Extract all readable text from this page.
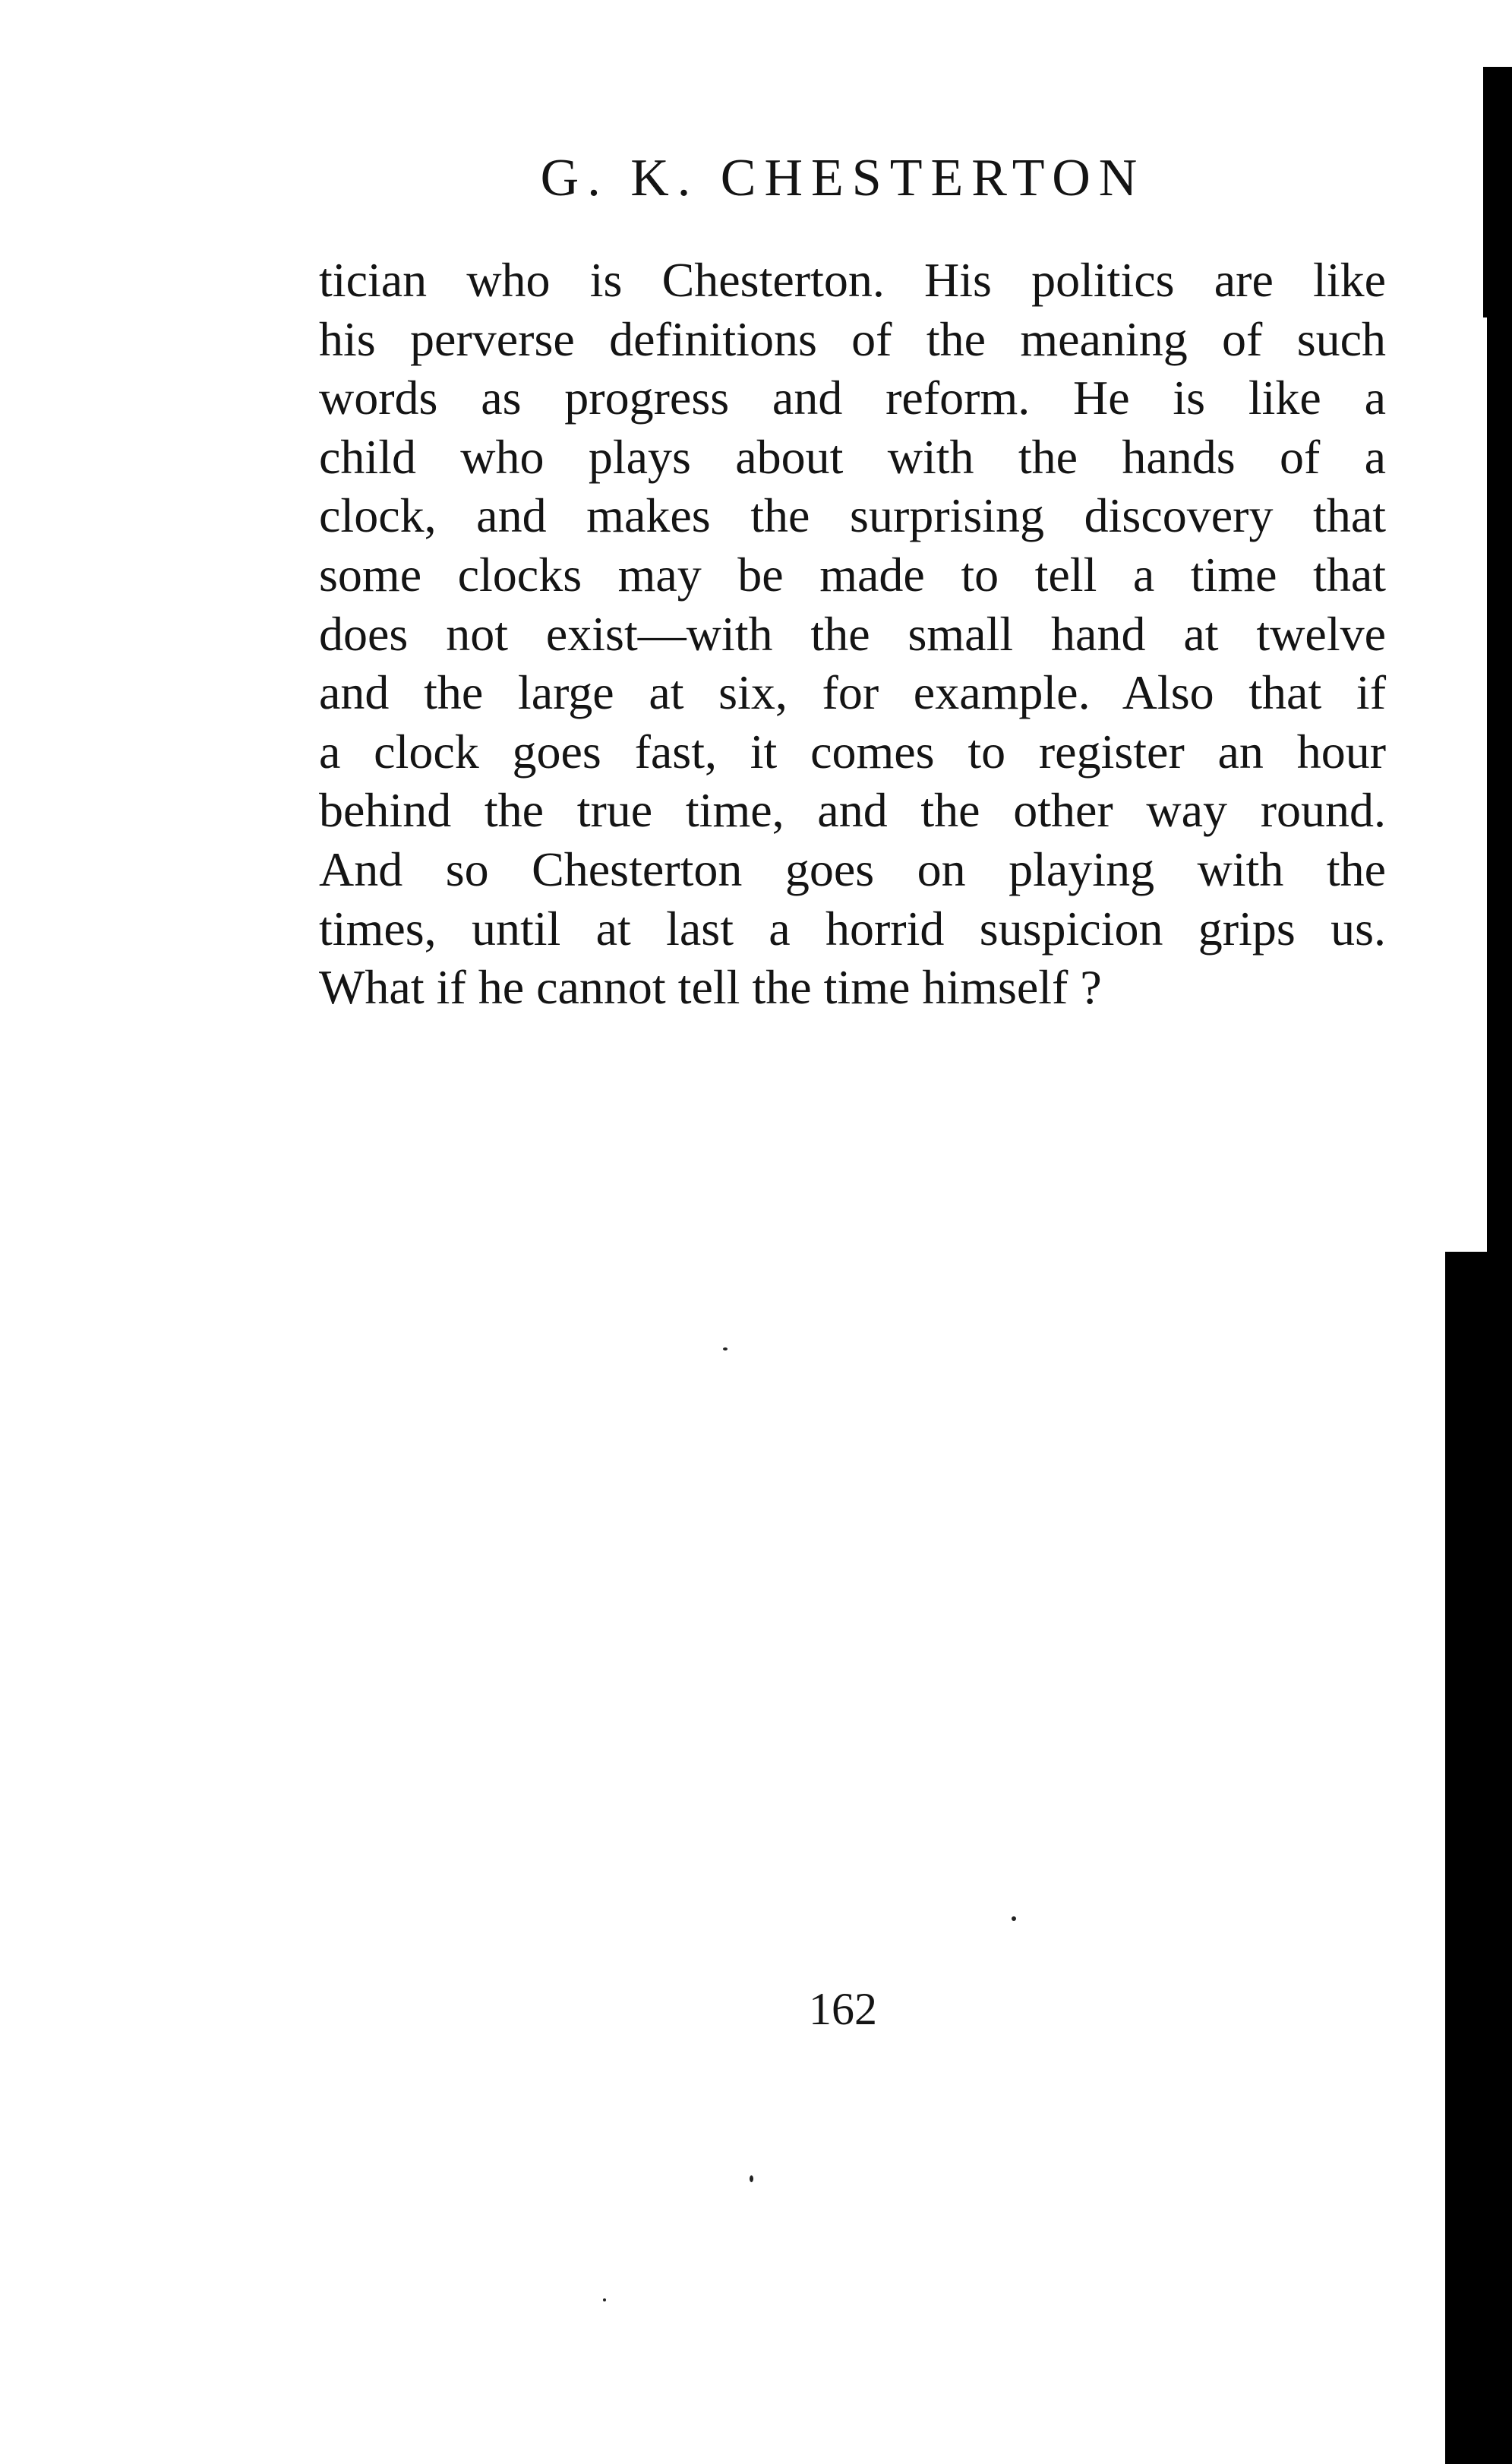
G. K. CHESTERTON
tician who is Chesterton. His politics are like
his perverse definitions of the meaning of such
words as progress and reform. He is like a
child who plays about with the hands of a
clock, and makes the surprising discovery that
some clocks may be made to tell a time that
does not exist—with the small hand at twelve
and the large at six, for example. Also that if
a clock goes fast, it comes to register an hour
behind the true time, and the other way round.
And so Chesterton goes on playing with the
times, until at last a horrid suspicion grips us.
What if he cannot tell the time himself ?
162
